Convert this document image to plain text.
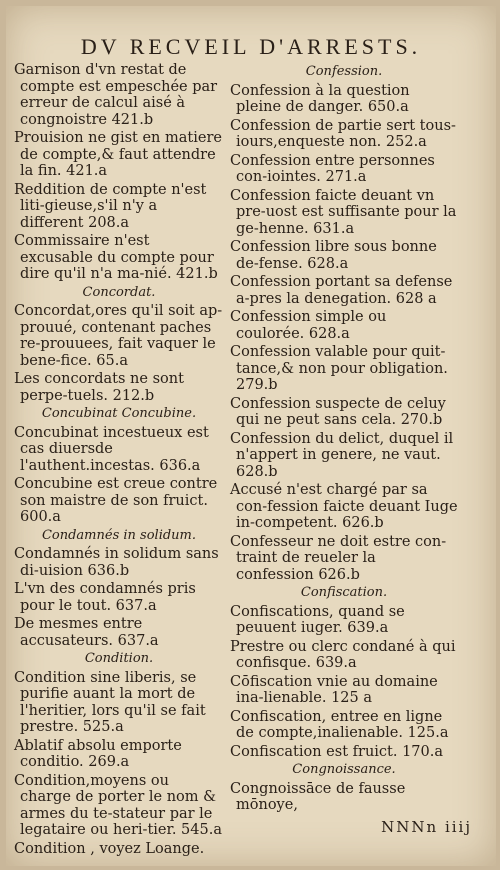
DV RECVEIL D'ARRESTS.
Garnison d'vn restat de compte est empeschée par erreur de calcul aisé à congnoistre 421.b
Prouision ne gist en matiere de compte,& faut attendre la fin. 421.a
Reddition de compte n'est liti-gieuse,s'il n'y a different 208.a
Commissaire n'est excusable du compte pour dire qu'il n'a ma-nié. 421.b
Concordat.
Concordat,ores qu'il soit ap-prouué, contenant paches re-prouuees, fait vaquer le bene-fice. 65.a
Les concordats ne sont perpe-tuels. 212.b
Concubinat Concubine.
Concubinat incestueux est cas diuersde l'authent.incestas. 636.a
Concubine est creue contre son maistre de son fruict. 600.a
Condamnés in solidum.
Condamnés in solidum sans di-uision 636.b
L'vn des condamnés pris pour le tout. 637.a
De mesmes entre accusateurs. 637.a
Condition.
Condition sine liberis, se purifie auant la mort de l'heritier, lors qu'il se fait prestre. 525.a
Ablatif absolu emporte conditio. 269.a
Condition,moyens ou charge de porter le nom & armes du te-stateur par le legataire ou heri-tier. 545.a
Condition , voyez Loange.
Confession.
Confession à la question pleine de danger. 650.a
Confession de partie sert tous-iours,enqueste non. 252.a
Confession entre personnes con-iointes. 271.a
Confession faicte deuant vn pre-uost est suffisante pour la ge-henne. 631.a
Confession libre sous bonne de-fense. 628.a
Confession portant sa defense a-pres la denegation. 628 a
Confession simple ou coulorée. 628.a
Confession valable pour quit-tance,& non pour obligation. 279.b
Confession suspecte de celuy qui ne peut sans cela. 270.b
Confession du delict, duquel il n'appert in genere, ne vaut. 628.b
Accusé n'est chargé par sa con-fession faicte deuant Iuge in-competent. 626.b
Confesseur ne doit estre con-traint de reueler la confession 626.b
Confiscation.
Confiscations, quand se peuuent iuger. 639.a
Prestre ou clerc condané à qui confisque. 639.a
Cōfiscation vnie au domaine ina-lienable. 125 a
Confiscation, entree en ligne de compte,inalienable. 125.a
Confiscation est fruict. 170.a
Congnoissance.
Congnoissāce de fausse mōnoye,
NNNn iiij
